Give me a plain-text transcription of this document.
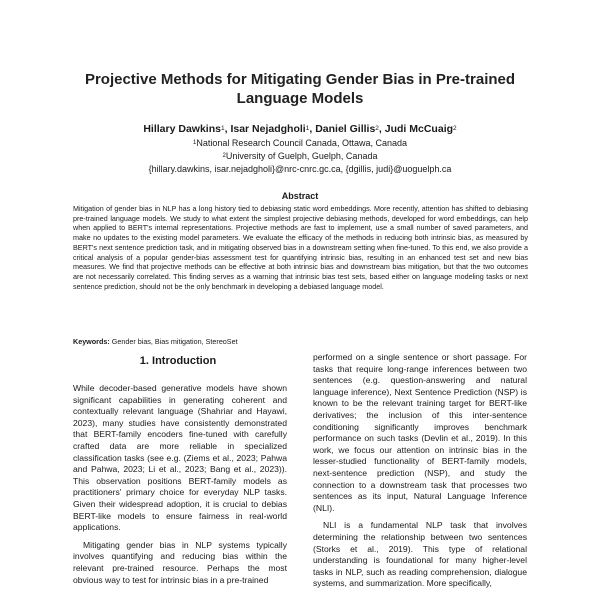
Projective Methods for Mitigating Gender Bias in Pre-trained
Language Models
Hillary Dawkins$^1$, Isar Nejadgholi$^1$, Daniel Gillis$^2$, Judi McCuaig$^2$
$^1$National Research Council Canada, Ottawa, Canada
$^2$University of Guelph, Guelph, Canada
{hillary.dawkins, isar.nejadgholi}@nrc-cnrc.gc.ca, {dgillis, judi}@uoguelph.ca
Abstract
Mitigation of gender bias in NLP has a long history tied to debiasing static word embeddings. More recently, attention has shifted to debiasing pre-trained language models. We study to what extent the simplest projective debiasing methods, developed for word embeddings, can help when applied to BERT's internal representations. Projective methods are fast to implement, use a small number of saved parameters, and make no updates to the existing model parameters. We evaluate the efficacy of the methods in reducing both intrinsic bias, as measured by BERT's next sentence prediction task, and in mitigating observed bias in a downstream setting when fine-tuned. To this end, we also provide a critical analysis of a popular gender-bias assessment test for quantifying intrinsic bias, resulting in an enhanced test set and new bias measures. We find that projective methods can be effective at both intrinsic bias and downstream bias mitigation, but that the two outcomes are not necessarily correlated. This finding serves as a warning that intrinsic bias test sets, based either on language modeling tasks or next sentence prediction, should not be the only benchmark in developing a debiased language model.
Keywords: Gender bias, Bias mitigation, StereoSet
1. Introduction

While decoder-based generative models have shown significant capabilities in generating coherent and contextually relevant language (Shahriar and Hayawi, 2023), many studies have consistently demonstrated that BERT-family encoders fine-tuned with carefully crafted data are more reliable in specialized classification tasks (see e.g. (Ziems et al., 2023; Pahwa and Pahwa, 2023; Li et al., 2023; Bang et al., 2023)). This observation positions BERT-family models as practitioners' primary choice for everyday NLP tasks. Given their widespread adoption, it is crucial to debias BERT-like models to ensure fairness in real-world applications.

Mitigating gender bias in NLP systems typically involves quantifying and reducing bias within the relevant pre-trained resource. Perhaps the most obvious way to test for intrinsic bias in a pre-trained

performed on a single sentence or short passage. For tasks that require long-range inferences between two sentences (e.g. question-answering and natural language inference), Next Sentence Prediction (NSP) is known to be the relevant training target for BERT-like derivatives; the inclusion of this inter-sentence conditioning significantly improves benchmark performance on such tasks (Devlin et al., 2019). In this work, we focus our attention on intrinsic bias in the lesser-studied functionality of BERT-family models, next-sentence prediction (NSP), and study the connection to a downstream task that processes two sentences as its input, Natural Language Inference (NLI).

NLI is a fundamental NLP task that involves determining the relationship between two sentences (Storks et al., 2019). This type of relational understanding is foundational for many higher-level tasks in NLP, such as reading comprehension, dialogue systems, and summarization. More specifically,
